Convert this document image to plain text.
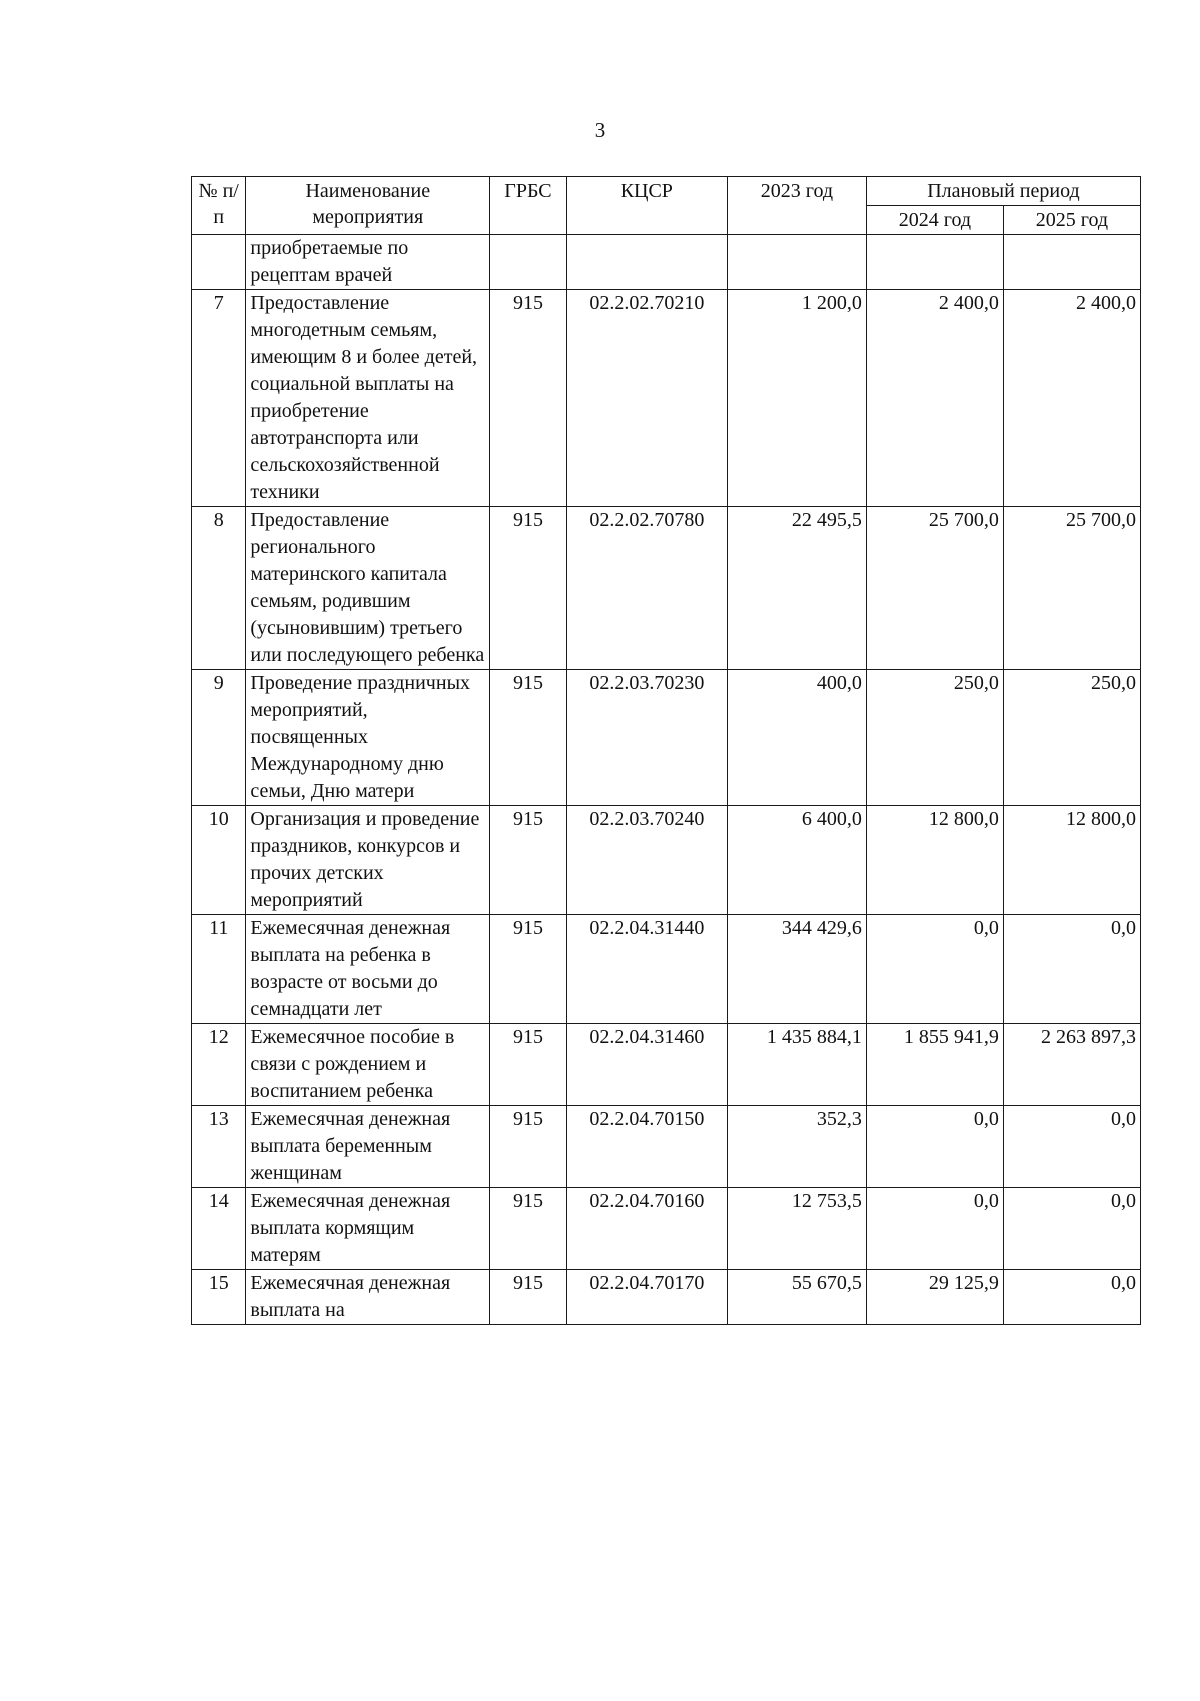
3
№ п/п	Наименование мероприятия	ГРБС	КЦСР	2023 год	Плановый период	
					2024 год	2025 год
	приобретаемые по рецептам врачей					
7	Предоставление многодетным семьям, имеющим 8 и более детей, социальной выплаты на приобретение автотранспорта или сельскохозяйственной техники	915	02.2.02.70210	1 200,0	2 400,0	2 400,0
8	Предоставление регионального материнского капитала семьям, родившим (усыновившим) третьего или последующего ребенка	915	02.2.02.70780	22 495,5	25 700,0	25 700,0
9	Проведение праздничных мероприятий, посвященных Международному дню семьи, Дню матери	915	02.2.03.70230	400,0	250,0	250,0
10	Организация и проведение праздников, конкурсов и прочих детских мероприятий	915	02.2.03.70240	6 400,0	12 800,0	12 800,0
11	Ежемесячная денежная выплата на ребенка в возрасте от восьми до семнадцати лет	915	02.2.04.31440	344 429,6	0,0	0,0
12	Ежемесячное пособие в связи с рождением и воспитанием ребенка	915	02.2.04.31460	1 435 884,1	1 855 941,9	2 263 897,3
13	Ежемесячная денежная выплата беременным женщинам	915	02.2.04.70150	352,3	0,0	0,0
14	Ежемесячная денежная выплата кормящим матерям	915	02.2.04.70160	12 753,5	0,0	0,0
15	Ежемесячная денежная выплата на	915	02.2.04.70170	55 670,5	29 125,9	0,0
